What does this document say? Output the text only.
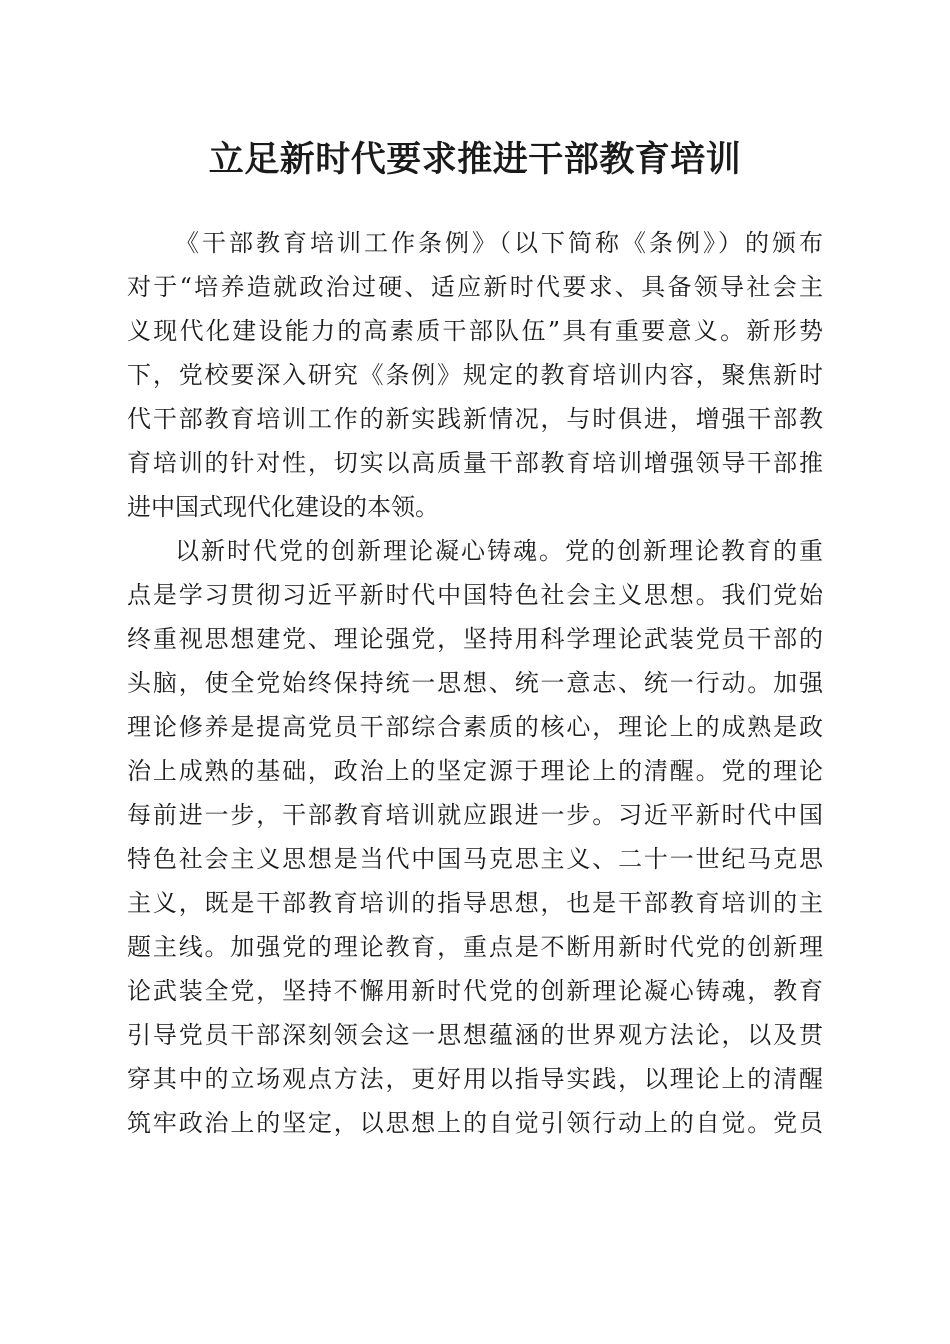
立足新时代要求推进干部教育培训

《干部教育培训工作条例》（以下简称《条例》）的颁布

对于“培养造就政治过硬、适应新时代要求、具备领导社会主

义现代化建设能力的高素质干部队伍”具有重要意义。新形势

下，党校要深入研究《条例》规定的教育培训内容，聚焦新时

代干部教育培训工作的新实践新情况，与时俱进，增强干部教

育培训的针对性，切实以高质量干部教育培训增强领导干部推

进中国式现代化建设的本领。

以新时代党的创新理论凝心铸魂。党的创新理论教育的重

点是学习贯彻习近平新时代中国特色社会主义思想。我们党始

终重视思想建党、理论强党，坚持用科学理论武装党员干部的

头脑，使全党始终保持统一思想、统一意志、统一行动。加强

理论修养是提高党员干部综合素质的核心，理论上的成熟是政

治上成熟的基础，政治上的坚定源于理论上的清醒。党的理论

每前进一步，干部教育培训就应跟进一步。习近平新时代中国

特色社会主义思想是当代中国马克思主义、二十一世纪马克思

主义，既是干部教育培训的指导思想，也是干部教育培训的主

题主线。加强党的理论教育，重点是不断用新时代党的创新理

论武装全党，坚持不懈用新时代党的创新理论凝心铸魂，教育

引导党员干部深刻领会这一思想蕴涵的世界观方法论，以及贯

穿其中的立场观点方法，更好用以指导实践，以理论上的清醒

筑牢政治上的坚定，以思想上的自觉引领行动上的自觉。党员
